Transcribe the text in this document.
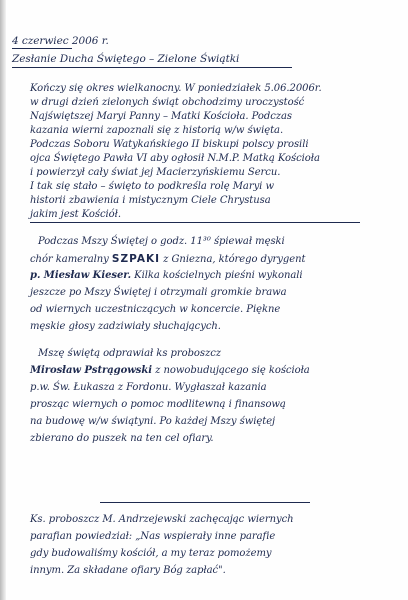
4 czerwiec 2006 r.
Zesłanie Ducha Świętego – Zielone Świątki
Kończy się okres wielkanocny. W poniedziałek 5.06.2006r.
w drugi dzień zielonych świąt obchodzimy uroczystość
Najświętszej Maryi Panny – Matki Kościoła. Podczas
kazania wierni zapoznali się z historią w/w święta.
Podczas Soboru Watykańskiego II biskupi polscy prosili
ojca Świętego Pawła VI aby ogłosił N.M.P. Matką Kościoła
i powierzył cały świat jej Macierzyńskiemu Sercu.
I tak się stało – święto to podkreśla rolę Maryi w
historii zbawienia i mistycznym Ciele Chrystusa
jakim jest Kościół.
Podczas Mszy Świętej o godz. 11³⁰ śpiewał męski
chór kameralny SZPAKI z Gniezna, którego dyrygent
p. Miesław Kieser. Kilka kościelnych pieśni wykonali
jeszcze po Mszy Świętej i otrzymali gromkie brawa
od wiernych uczestniczących w koncercie. Piękne
męskie głosy zadziwiały słuchających.
Mszę świętą odprawiał ks proboszcz
Mirosław Pstrągowski z nowobudującego się kościoła
p.w. Św. Łukasza z Fordonu. Wygłaszał kazania
prosząc wiernych o pomoc modlitewną i finansową
na budowę w/w świątyni. Po każdej Mszy świętej
zbierano do puszek na ten cel ofiary.
Ks. proboszcz M. Andrzejewski zachęcając wiernych
parafian powiedział: „Nas wspierały inne parafie
gdy budowaliśmy kościół, a my teraz pomożemy
innym. Za składane ofiary Bóg zapłać".
